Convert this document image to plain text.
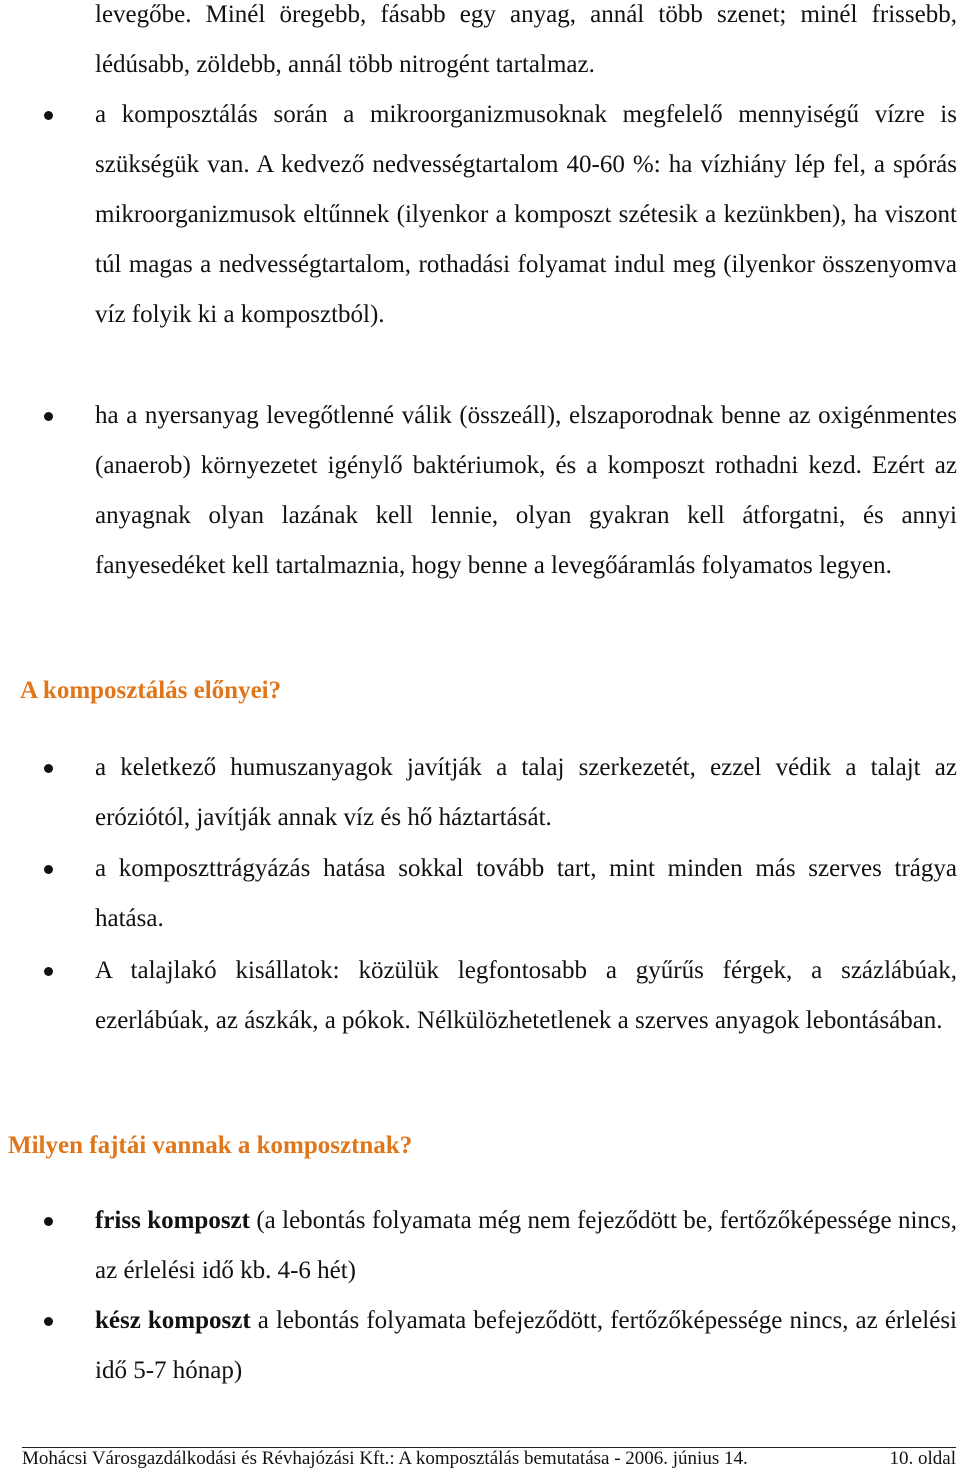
levegőbe. Minél öregebb, fásabb egy anyag, annál több szenet; minél frissebb, lédúsabb, zöldebb, annál több nitrogént tartalmaz.

a komposztálás során a mikroorganizmusoknak megfelelő mennyiségű vízre is szükségük van. A kedvező nedvességtartalom 40-60 %: ha vízhiány lép fel, a spórás mikroorganizmusok eltűnnek (ilyenkor a komposzt szétesik a kezünkben), ha viszont túl magas a nedvességtartalom, rothadási folyamat indul meg (ilyenkor összenyomva víz folyik ki a komposztból).

ha a nyersanyag levegőtlenné válik (összeáll), elszaporodnak benne az oxigénmentes (anaerob) környezetet igénylő baktériumok, és a komposzt rothadni kezd. Ezért az anyagnak olyan lazának kell lennie, olyan gyakran kell átforgatni, és annyi fanyesedéket kell tartalmaznia, hogy benne a levegőáramlás folyamatos legyen.

A komposztálás előnyei?

a keletkező humuszanyagok javítják a talaj szerkezetét, ezzel védik a talajt az eróziótól, javítják annak víz és hő háztartását.

a komposzttrágyázás hatása sokkal tovább tart, mint minden más szerves trágya hatása.

A talajlakó kisállatok: közülük legfontosabb a gyűrűs férgek, a százlábúak, ezerlábúak, az ászkák, a pókok. Nélkülözhetetlenek a szerves anyagok lebontásában.

Milyen fajtái vannak a komposztnak?

friss komposzt (a lebontás folyamata még nem fejeződött be, fertőzőképessége nincs, az érlelési idő kb. 4-6 hét)

kész komposzt a lebontás folyamata befejeződött, fertőzőképessége nincs, az érlelési idő 5-7 hónap)

Mohácsi Városgazdálkodási és Révhajózási Kft.: A komposztálás bemutatása - 2006. június 14.	10. oldal
